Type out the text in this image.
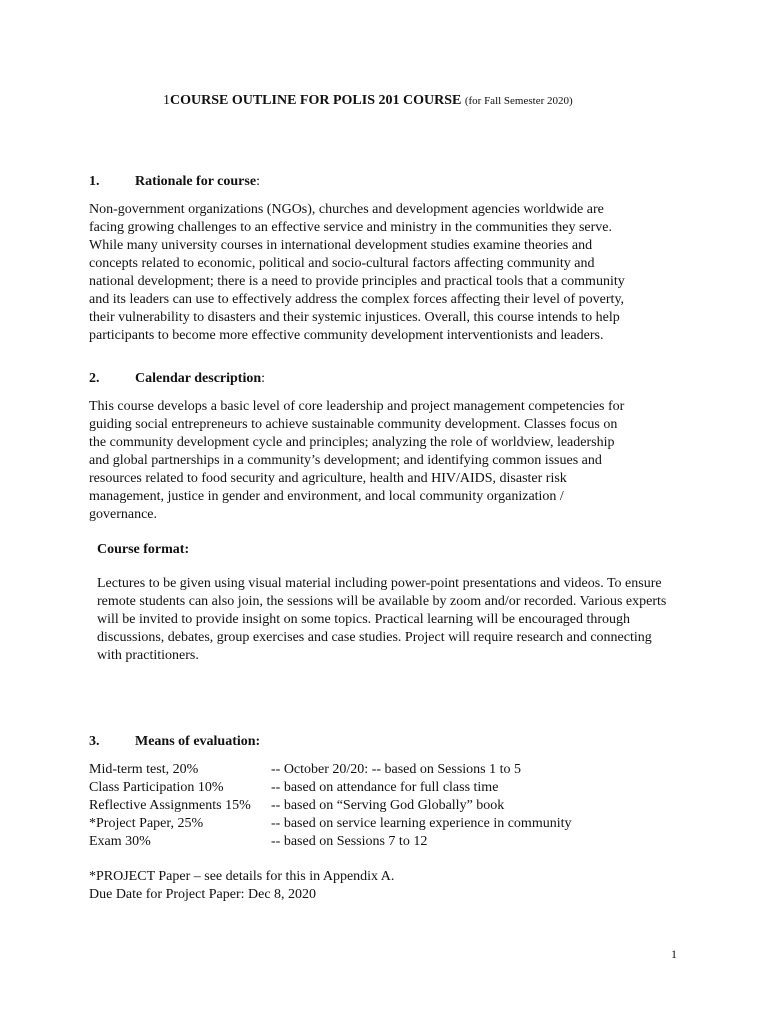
1COURSE OUTLINE FOR POLIS 201 COURSE (for Fall Semester 2020)
1.	Rationale for course:
Non-government organizations (NGOs), churches and development agencies worldwide are
facing growing challenges to an effective service and ministry in the communities they serve.
While many university courses in international development studies examine theories and
concepts related to economic, political and socio-cultural factors affecting community and
national development; there is a need to provide principles and practical tools that a community
and its leaders can use to effectively address the complex forces affecting their level of poverty,
their vulnerability to disasters and their systemic injustices. Overall, this course intends to help
participants to become more effective community development interventionists and leaders.
2.	Calendar description:
This course develops a basic level of core leadership and project management competencies for
guiding social entrepreneurs to achieve sustainable community development. Classes focus on
the community development cycle and principles; analyzing the role of worldview, leadership
and global partnerships in a community’s development; and identifying common issues and
resources related to food security and agriculture, health and HIV/AIDS, disaster risk
management, justice in gender and environment, and local community organization /
governance.
Course format:
Lectures to be given using visual material including power-point presentations and videos. To ensure
remote students can also join, the sessions will be available by zoom and/or recorded. Various experts
will be invited to provide insight on some topics. Practical learning will be encouraged through
discussions, debates, group exercises and case studies. Project will require research and connecting
with practitioners.
3.	Means of evaluation:
Mid-term test, 20%	-- October 20/20: -- based on Sessions 1 to 5
Class Participation 10%	-- based on attendance for full class time
Reflective Assignments 15% -- based on “Serving God Globally” book
*Project Paper, 25%	-- based on service learning experience in community
Exam 30%	-- based on Sessions 7 to 12
*PROJECT Paper – see details for this in Appendix A.
Due Date for Project Paper: Dec 8, 2020
1
